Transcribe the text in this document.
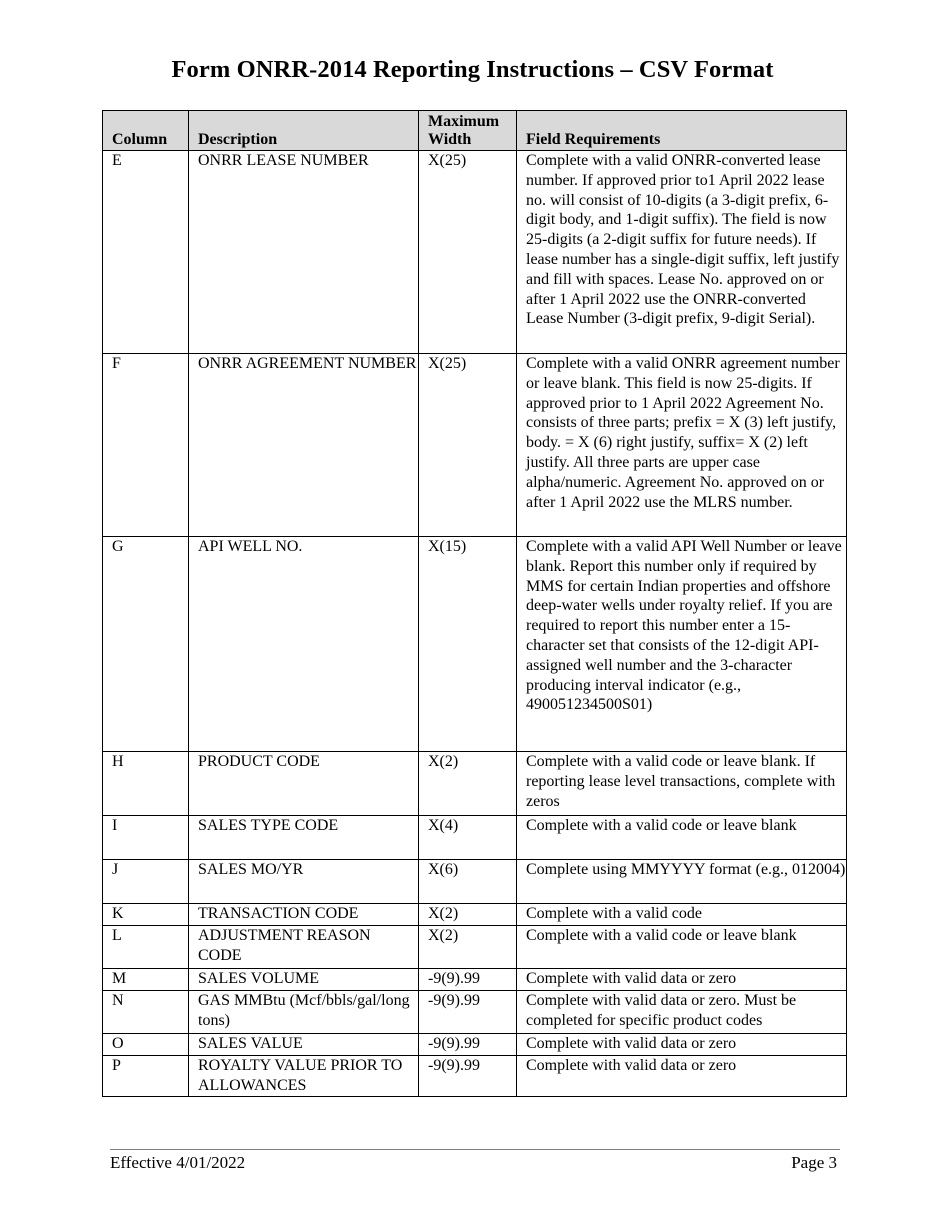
Form ONRR-2014 Reporting Instructions – CSV Format
Column	Description	Maximum Width	Field Requirements
E	ONRR LEASE NUMBER	X(25)	Complete with a valid ONRR-converted lease number. If approved prior to1 April 2022 lease no. will consist of 10-digits (a 3-digit prefix, 6-digit body, and 1-digit suffix). The field is now 25-digits (a 2-digit suffix for future needs). If lease number has a single-digit suffix, left justify and fill with spaces. Lease No. approved on or after 1 April 2022 use the ONRR-converted Lease Number (3-digit prefix, 9-digit Serial).
F	ONRR AGREEMENT NUMBER	X(25)	Complete with a valid ONRR agreement number or leave blank. This field is now 25-digits. If approved prior to 1 April 2022 Agreement No. consists of three parts; prefix = X (3) left justify, body. = X (6) right justify, suffix= X (2) left justify. All three parts are upper case alpha/numeric. Agreement No. approved on or after 1 April 2022 use the MLRS number.
G	API WELL NO.	X(15)	Complete with a valid API Well Number or leave blank. Report this number only if required by MMS for certain Indian properties and offshore deep-water wells under royalty relief. If you are required to report this number enter a 15-character set that consists of the 12-digit API-assigned well number and the 3-character producing interval indicator (e.g., 490051234500S01)
H	PRODUCT CODE	X(2)	Complete with a valid code or leave blank. If reporting lease level transactions, complete with zeros
I	SALES TYPE CODE	X(4)	Complete with a valid code or leave blank
J	SALES MO/YR	X(6)	Complete using MMYYYY format (e.g., 012004)
K	TRANSACTION CODE	X(2)	Complete with a valid code
L	ADJUSTMENT REASON CODE	X(2)	Complete with a valid code or leave blank
M	SALES VOLUME	-9(9).99	Complete with valid data or zero
N	GAS MMBtu (Mcf/bbls/gal/long tons)	-9(9).99	Complete with valid data or zero. Must be completed for specific product codes
O	SALES VALUE	-9(9).99	Complete with valid data or zero
P	ROYALTY VALUE PRIOR TO ALLOWANCES	-9(9).99	Complete with valid data or zero
Effective 4/01/2022	Page 3
